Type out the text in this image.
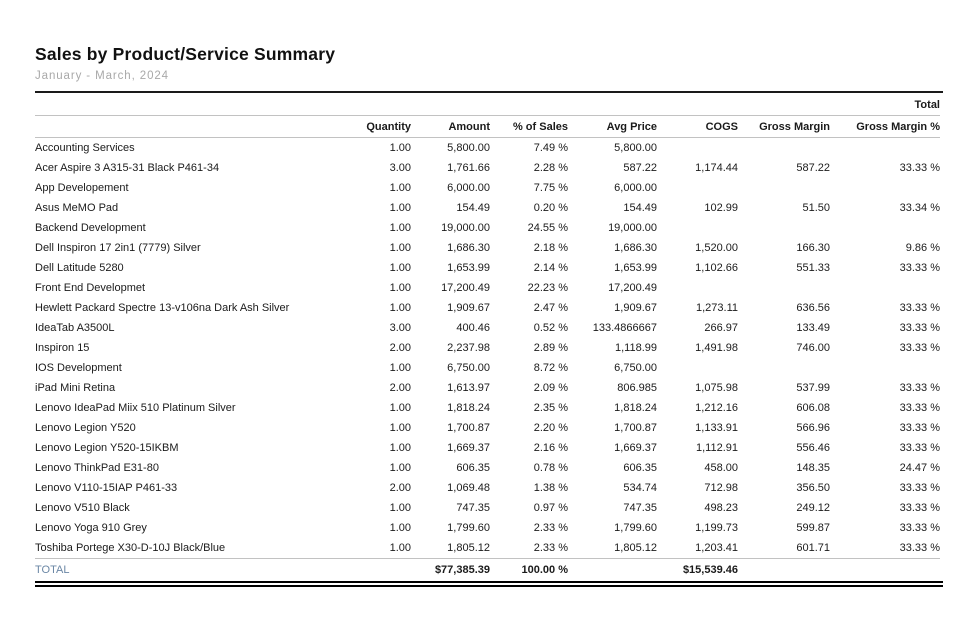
Sales by Product/Service Summary
January - March, 2024
							Total
	Quantity	Amount	% of Sales	Avg Price	COGS	Gross Margin	Gross Margin %
Accounting Services	1.00	5,800.00	7.49 %	5,800.00			
Acer Aspire 3 A315-31 Black P461-34	3.00	1,761.66	2.28 %	587.22	1,174.44	587.22	33.33 %
App Developement	1.00	6,000.00	7.75 %	6,000.00			
Asus MeMO Pad	1.00	154.49	0.20 %	154.49	102.99	51.50	33.34 %
Backend Development	1.00	19,000.00	24.55 %	19,000.00			
Dell Inspiron 17 2in1 (7779) Silver	1.00	1,686.30	2.18 %	1,686.30	1,520.00	166.30	9.86 %
Dell Latitude 5280	1.00	1,653.99	2.14 %	1,653.99	1,102.66	551.33	33.33 %
Front End Developmet	1.00	17,200.49	22.23 %	17,200.49			
Hewlett Packard Spectre 13-v106na Dark Ash Silver	1.00	1,909.67	2.47 %	1,909.67	1,273.11	636.56	33.33 %
IdeaTab A3500L	3.00	400.46	0.52 %	133.4866667	266.97	133.49	33.33 %
Inspiron 15	2.00	2,237.98	2.89 %	1,118.99	1,491.98	746.00	33.33 %
IOS Development	1.00	6,750.00	8.72 %	6,750.00			
iPad Mini Retina	2.00	1,613.97	2.09 %	806.985	1,075.98	537.99	33.33 %
Lenovo IdeaPad Miix 510 Platinum Silver	1.00	1,818.24	2.35 %	1,818.24	1,212.16	606.08	33.33 %
Lenovo Legion Y520	1.00	1,700.87	2.20 %	1,700.87	1,133.91	566.96	33.33 %
Lenovo Legion Y520-15IKBM	1.00	1,669.37	2.16 %	1,669.37	1,112.91	556.46	33.33 %
Lenovo ThinkPad E31-80	1.00	606.35	0.78 %	606.35	458.00	148.35	24.47 %
Lenovo V110-15IAP P461-33	2.00	1,069.48	1.38 %	534.74	712.98	356.50	33.33 %
Lenovo V510 Black	1.00	747.35	0.97 %	747.35	498.23	249.12	33.33 %
Lenovo Yoga 910 Grey	1.00	1,799.60	2.33 %	1,799.60	1,199.73	599.87	33.33 %
Toshiba Portege X30-D-10J Black/Blue	1.00	1,805.12	2.33 %	1,805.12	1,203.41	601.71	33.33 %
TOTAL		$77,385.39	100.00 %		$15,539.46		
